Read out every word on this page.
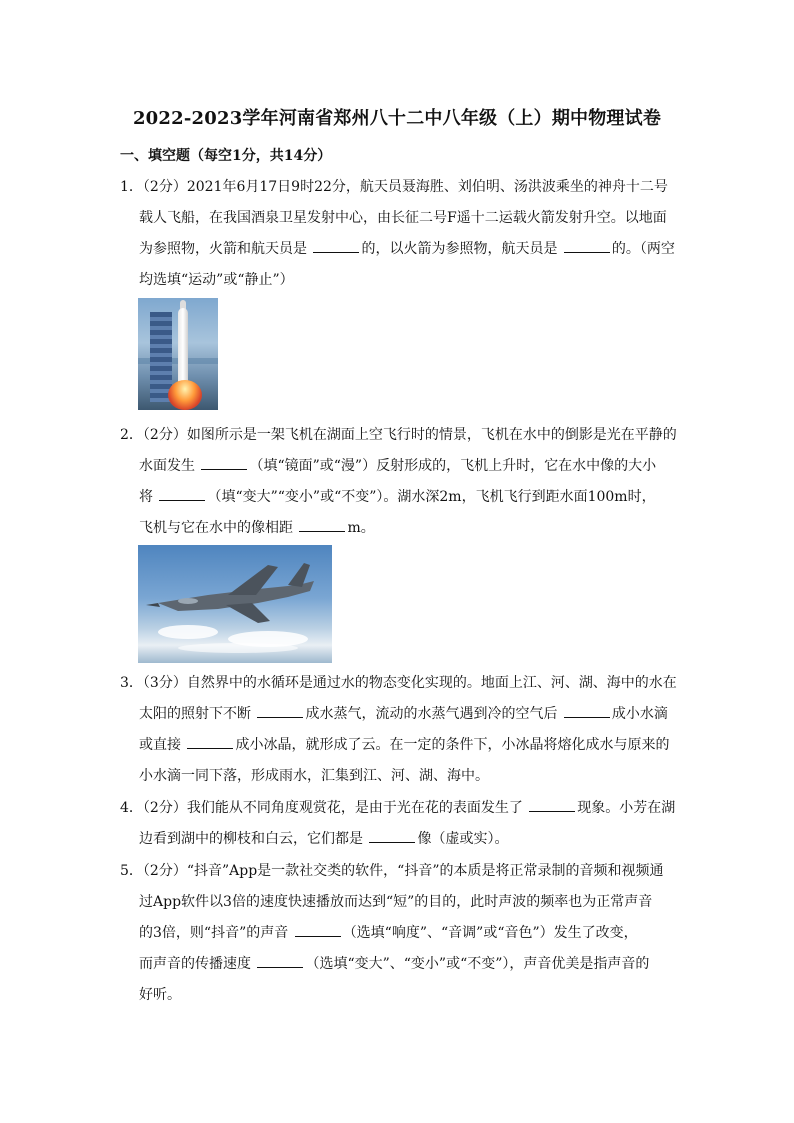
2022-2023学年河南省郑州八十二中八年级（上）期中物理试卷
一、填空题（每空1分，共14分）

1．（2分）2021年6月17日9时22分，航天员聂海胜、刘伯明、汤洪波乘坐的神舟十二号

载人飞船，在我国酒泉卫星发射中心，由长征二号F遥十二运载火箭发射升空。以地面

为参照物，火箭和航天员是	的，以火箭为参照物，航天员是	的。（两空

均选填“运动”或“静止”）

2．（2分）如图所示是一架飞机在湖面上空飞行时的情景，飞机在水中的倒影是光在平静的

水面发生	（填“镜面”或“漫”）反射形成的，飞机上升时，它在水中像的大小

将	（填“变大”“变小”或“不变”）。湖水深2m，飞机飞行到距水面100m时，

飞机与它在水中的像相距	m。

3．（3分）自然界中的水循环是通过水的物态变化实现的。地面上江、河、湖、海中的水在

太阳的照射下不断	成水蒸气，流动的水蒸气遇到冷的空气后	成小水滴

或直接	成小冰晶，就形成了云。在一定的条件下，小冰晶将熔化成水与原来的

小水滴一同下落，形成雨水，汇集到江、河、湖、海中。

4．（2分）我们能从不同角度观赏花，是由于光在花的表面发生了	现象。小芳在湖

边看到湖中的柳枝和白云，它们都是	像（虚或实）。

5．（2分）“抖音”App是一款社交类的软件，“抖音”的本质是将正常录制的音频和视频通

过App软件以3倍的速度快速播放而达到“短”的目的，此时声波的频率也为正常声音

的3倍，则“抖音”的声音	（选填“响度”、“音调”或“音色”）发生了改变，

而声音的传播速度	（选填“变大”、“变小”或“不变”），声音优美是指声音的

好听。
